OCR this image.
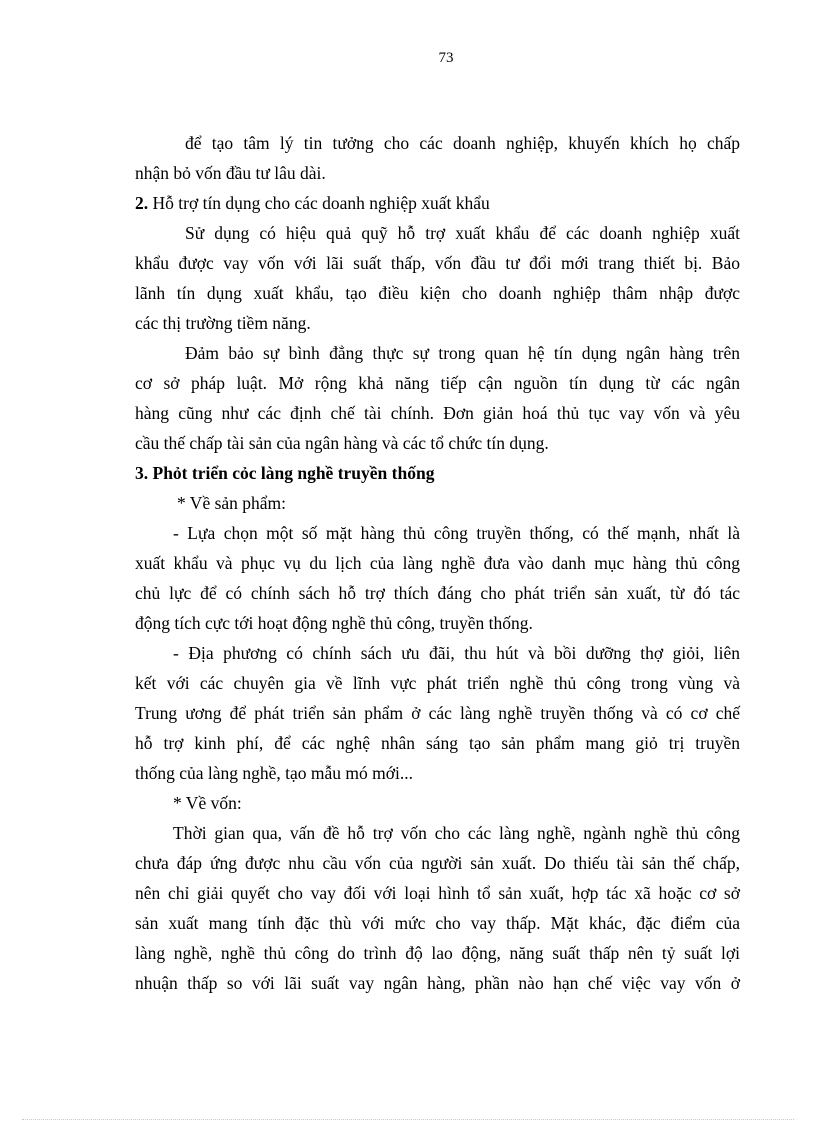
73
để tạo tâm lý tin tưởng cho các doanh nghiệp, khuyến khích họ chấp
nhận bỏ vốn đầu tư lâu dài.
2. Hỗ trợ tín dụng cho các doanh nghiệp xuất khẩu
Sử dụng có hiệu quả quỹ hỗ trợ xuất khẩu để các doanh nghiệp xuất
khẩu được vay vốn với lãi suất thấp, vốn đầu tư đổi mới trang thiết bị. Bảo
lãnh tín dụng xuất khẩu, tạo điều kiện cho doanh nghiệp thâm nhập được
các thị trường tiềm năng.
Đảm bảo sự bình đẳng thực sự trong quan hệ tín dụng ngân hàng trên
cơ sở pháp luật. Mở rộng khả năng tiếp cận nguồn tín dụng từ các ngân
hàng cũng như các định chế tài chính. Đơn giản hoá thủ tục vay vốn và yêu
cầu thế chấp tài sản của ngân hàng và các tổ chức tín dụng.
3. Phỏt triển cỏc làng nghề truyền thống
* Về sản phẩm:
- Lựa chọn một số mặt hàng thủ công truyền thống, có thế mạnh, nhất là
xuất khẩu và phục vụ du lịch của làng nghề đưa vào danh mục hàng thủ công
chủ lực để có chính sách hỗ trợ thích đáng cho phát triển sản xuất, từ đó tác
động tích cực tới hoạt động nghề thủ công, truyền thống.
- Địa phương có chính sách ưu đãi, thu hút và bồi dưỡng thợ giỏi, liên
kết với các chuyên gia về lĩnh vực phát triển nghề thủ công trong vùng và
Trung ương để phát triển sản phẩm ở các làng nghề truyền thống và có cơ chế
hỗ trợ kinh phí, để các nghệ nhân sáng tạo sản phẩm mang giỏ trị truyền
thống của làng nghề, tạo mẫu mó mới...
* Về vốn:
Thời gian qua, vấn đề hỗ trợ vốn cho các làng nghề, ngành nghề thủ công
chưa đáp ứng được nhu cầu vốn của người sản xuất. Do thiếu tài sản thế chấp,
nên chỉ giải quyết cho vay đối với loại hình tổ sản xuất, hợp tác xã hoặc cơ sở
sản xuất mang tính đặc thù với mức cho vay thấp. Mặt khác, đặc điểm của
làng nghề, nghề thủ công do trình độ lao động, năng suất thấp nên tỷ suất lợi
nhuận thấp so với lãi suất vay ngân hàng, phần nào hạn chế việc vay vốn ở
